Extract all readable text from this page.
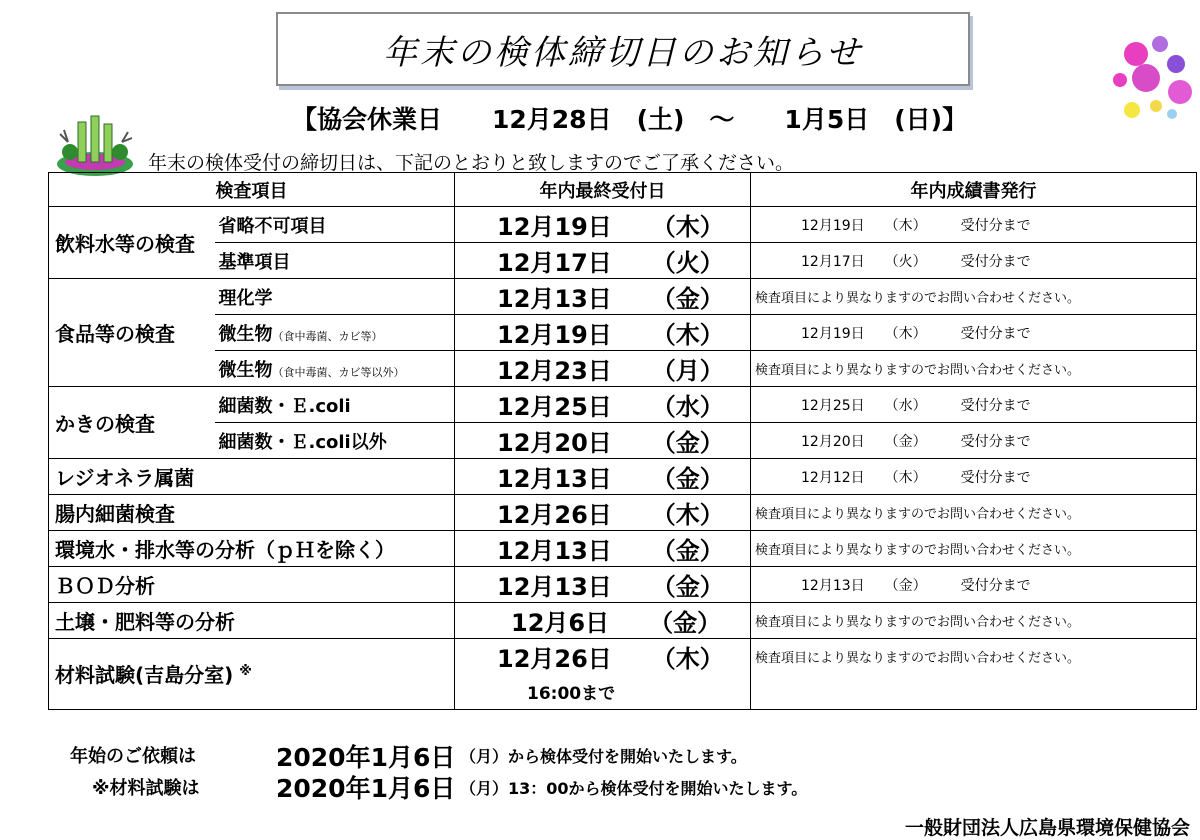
年末の検体締切日のお知らせ
【協会休業日　　12月28日　(土)　～　　1月5日　(日)】
年末の検体受付の締切日は、下記のとおりと致しますのでご了承ください。
検査項目		年内最終受付日	年内成績書発行
飲料水等の検査	省略不可項目	12月19日 （木）	12月19日 （木） 受付分まで
	基準項目	12月17日 （火）	12月17日 （火） 受付分まで
食品等の検査	理化学	12月13日 （金）	検査項目により異なりますのでお問い合わせください。
	微生物（食中毒菌、カビ等）	12月19日 （木）	12月19日 （木） 受付分まで
	微生物（食中毒菌、カビ等以外）	12月23日 （月）	検査項目により異なりますのでお問い合わせください。
かきの検査	細菌数・Ｅ.coli	12月25日 （水）	12月25日 （水） 受付分まで
	細菌数・Ｅ.coli以外	12月20日 （金）	12月20日 （金） 受付分まで
レジオネラ属菌		12月13日 （金）	12月12日 （木） 受付分まで
腸内細菌検査		12月26日 （木）	検査項目により異なりますのでお問い合わせください。
環境水・排水等の分析（ｐＨを除く）		12月13日 （金）	検査項目により異なりますのでお問い合わせください。
ＢＯＤ分析		12月13日 （金）	12月13日 （金） 受付分まで
土壌・肥料等の分析		12月6日 （金）	検査項目により異なりますのでお問い合わせください。
材料試験(吉島分室) ※		12月26日 （木）	検査項目により異なりますのでお問い合わせください。
		16:00まで	
年始のご依頼は	2020年1月6日 （月）から検体受付を開始いたします。
※材料試験は	2020年1月6日 （月）13：00から検体受付を開始いたします。
一般財団法人広島県環境保健協会
